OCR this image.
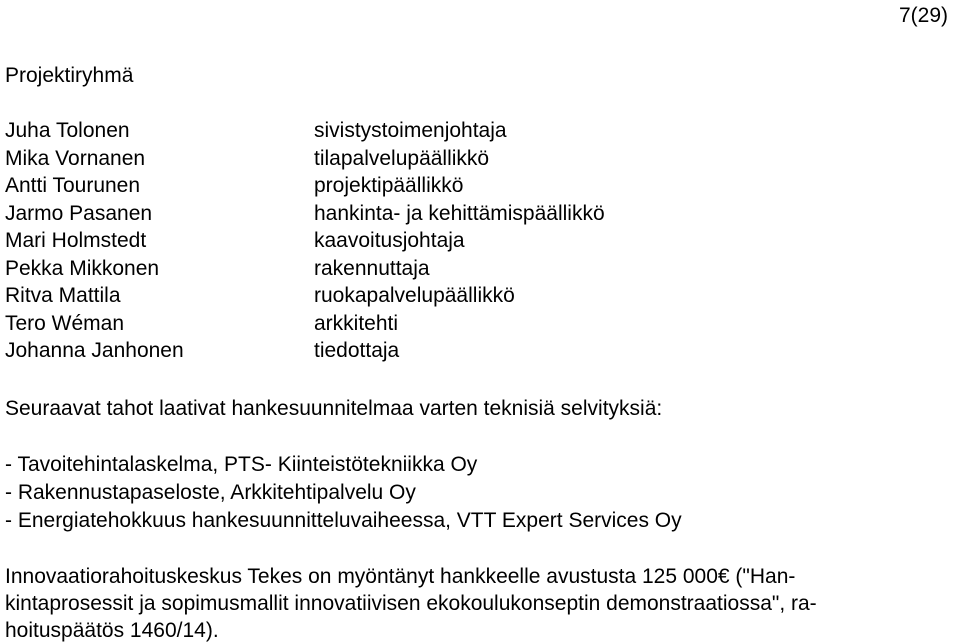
7(29)
Projektiryhmä
Juha Tolonen	sivistystoimenjohtaja
Mika Vornanen	tilapalvelupäällikkö
Antti Tourunen	projektipäällikkö
Jarmo Pasanen	hankinta- ja kehittämispäällikkö
Mari Holmstedt	kaavoitusjohtaja
Pekka Mikkonen	rakennuttaja
Ritva Mattila	ruokapalvelupäällikkö
Tero Wéman	arkkitehti
Johanna Janhonen	tiedottaja
Seuraavat tahot laativat hankesuunnitelmaa varten teknisiä selvityksiä:
- Tavoitehintalaskelma, PTS- Kiinteistötekniikka Oy
- Rakennustapaseloste, Arkkitehtipalvelu Oy
- Energiatehokkuus hankesuunnitteluvaiheessa, VTT Expert Services Oy
Innovaatiorahoituskeskus Tekes on myöntänyt hankkeelle avustusta 125 000€ ("Han-
kintaprosessit ja sopimusmallit innovatiivisen ekokoulukonseptin demonstraatiossa", ra-
hoituspäätös 1460/14).
